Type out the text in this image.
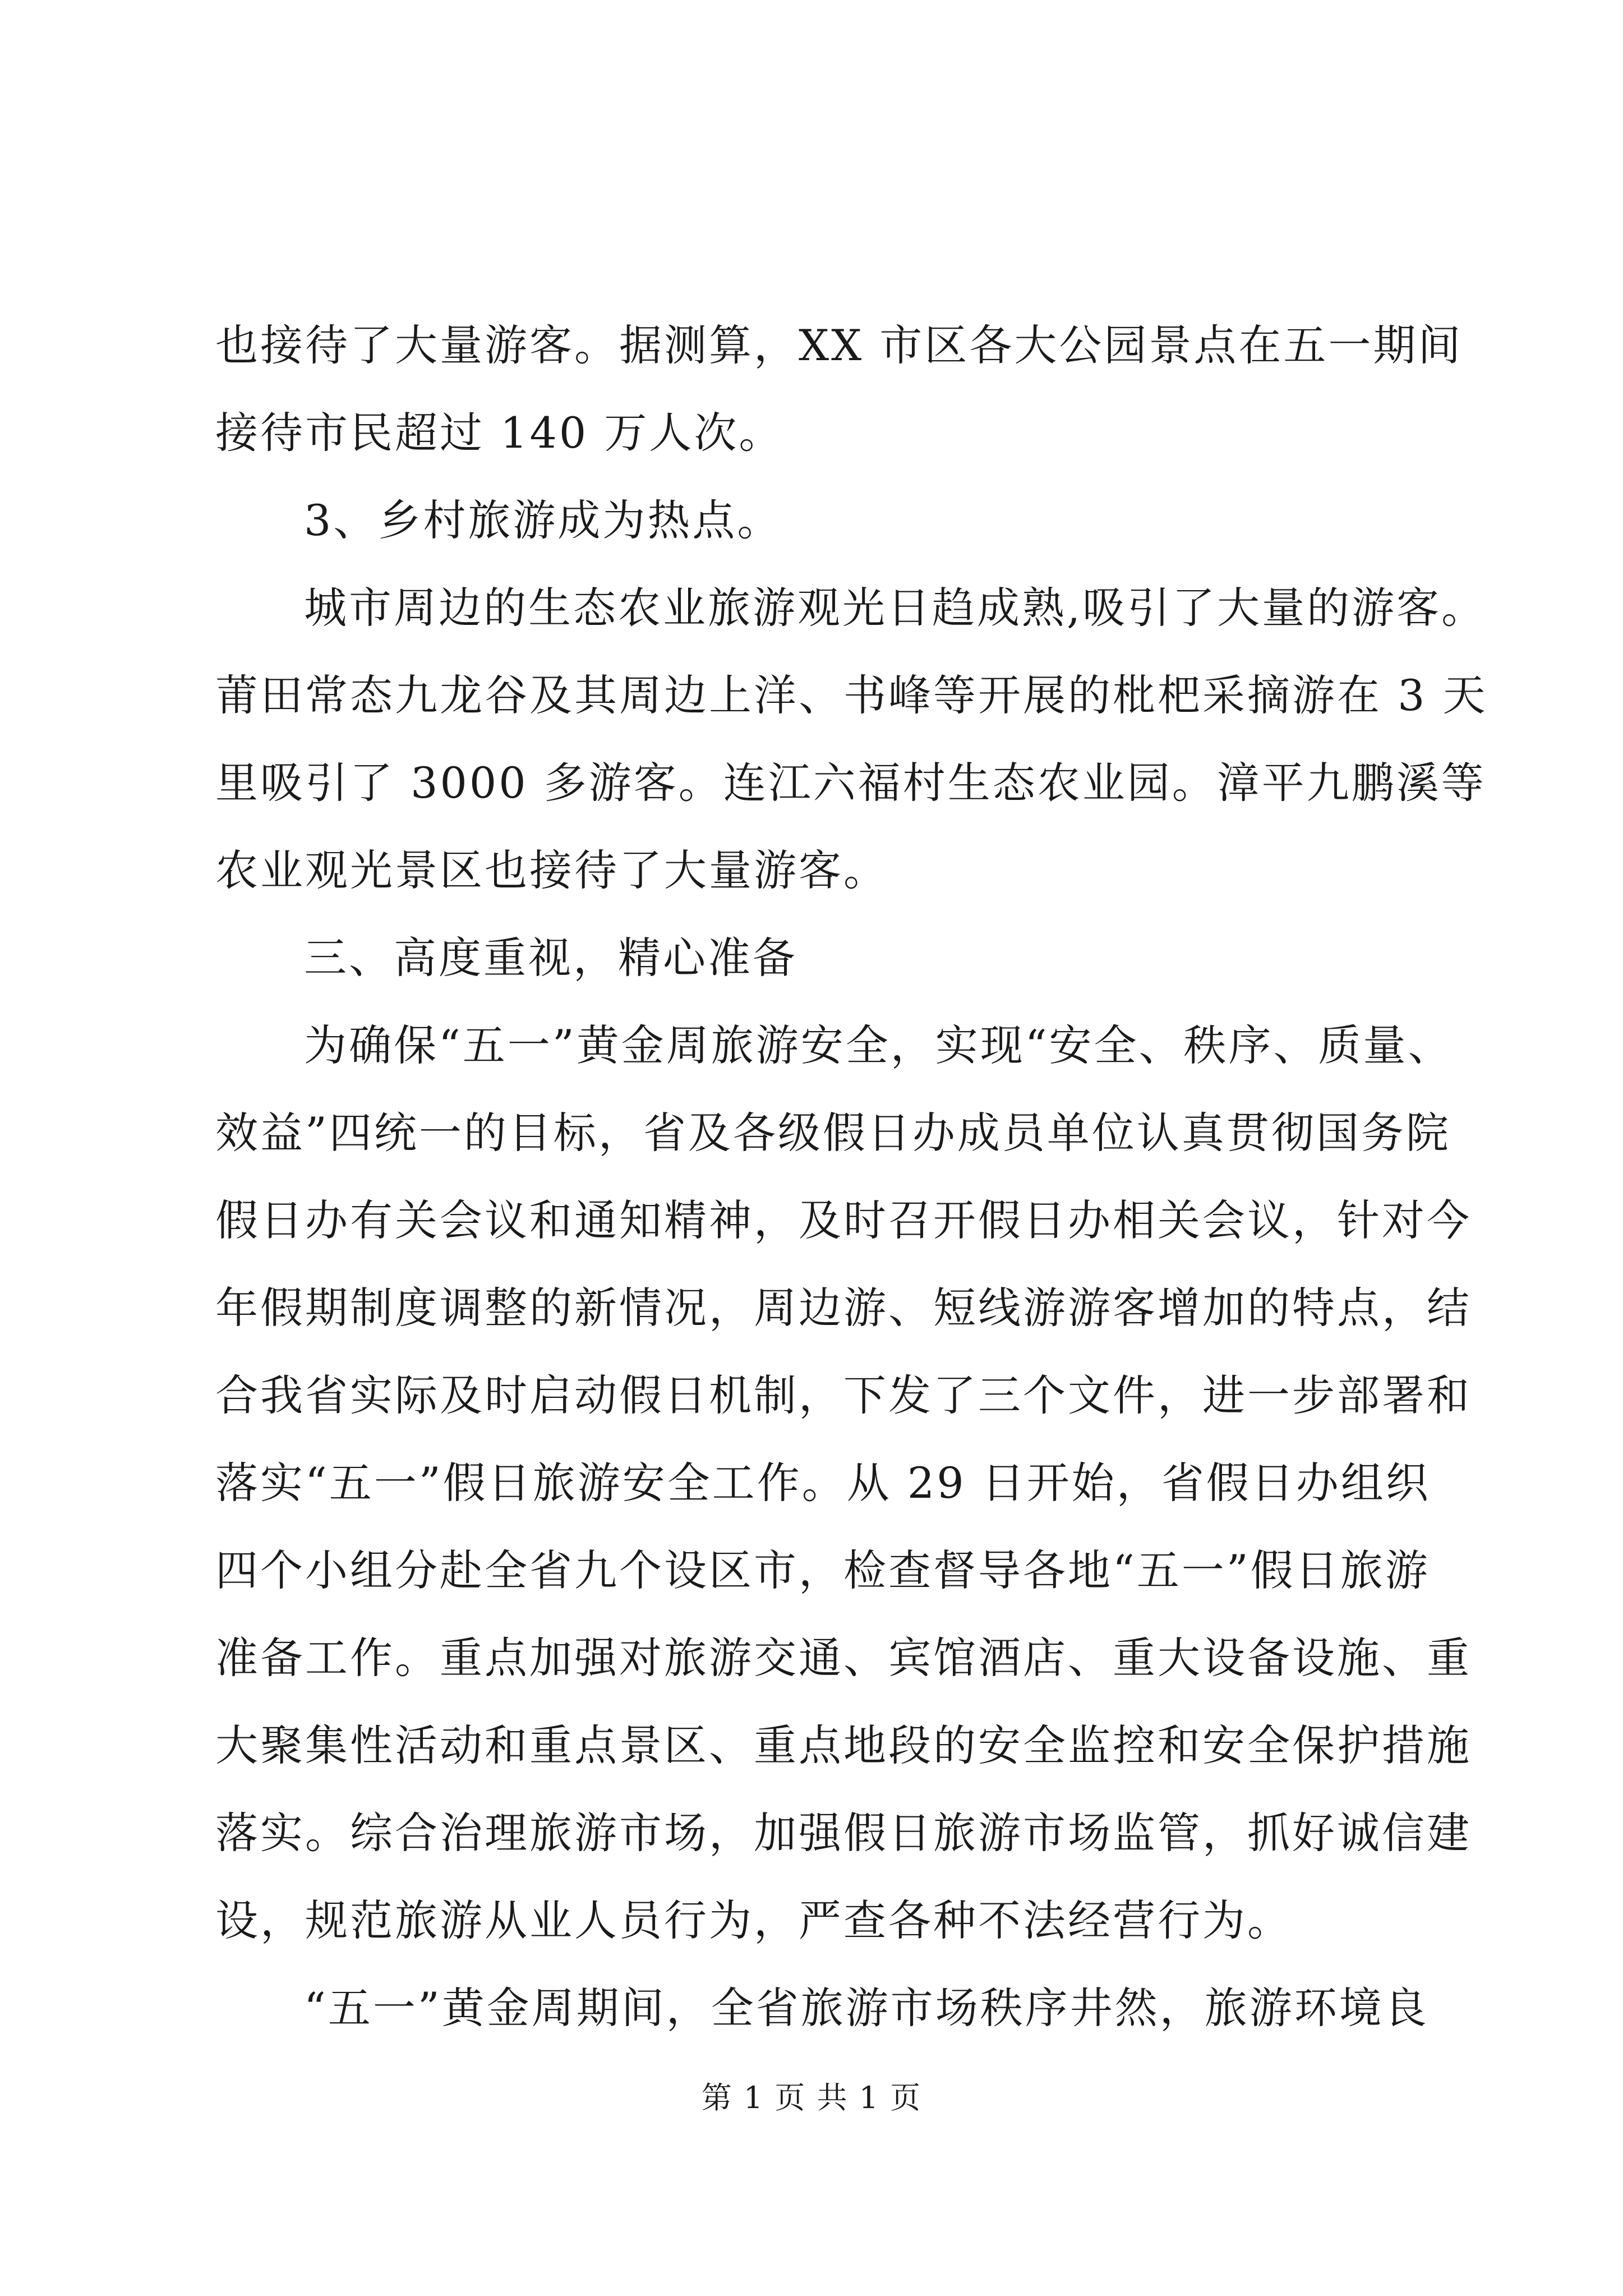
也接待了大量游客。据测算，XX 市区各大公园景点在五一期间
接待市民超过 140 万人次。
3、乡村旅游成为热点。
城市周边的生态农业旅游观光日趋成熟,吸引了大量的游客。
莆田常态九龙谷及其周边上洋、书峰等开展的枇杷采摘游在 3 天
里吸引了 3000 多游客。连江六福村生态农业园。漳平九鹏溪等
农业观光景区也接待了大量游客。
三、高度重视，精心准备
为确保“五一”黄金周旅游安全，实现“安全、秩序、质量、
效益”四统一的目标，省及各级假日办成员单位认真贯彻国务院
假日办有关会议和通知精神，及时召开假日办相关会议，针对今
年假期制度调整的新情况，周边游、短线游游客增加的特点，结
合我省实际及时启动假日机制，下发了三个文件，进一步部署和
落实“五一”假日旅游安全工作。从 29 日开始，省假日办组织
四个小组分赴全省九个设区市，检查督导各地“五一”假日旅游
准备工作。重点加强对旅游交通、宾馆酒店、重大设备设施、重
大聚集性活动和重点景区、重点地段的安全监控和安全保护措施
落实。综合治理旅游市场，加强假日旅游市场监管，抓好诚信建
设，规范旅游从业人员行为，严查各种不法经营行为。
“五一”黄金周期间，全省旅游市场秩序井然，旅游环境良
第 1 页 共 1 页
